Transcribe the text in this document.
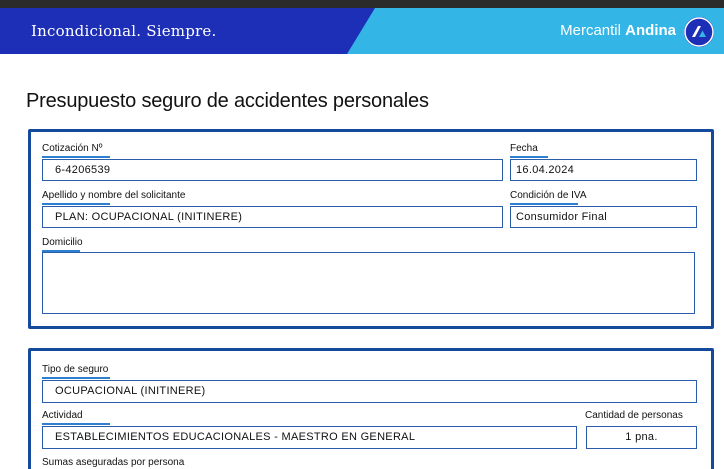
Incondicional. Siempre.	Mercantil Andina
Presupuesto seguro de accidentes personales
Cotización Nº
6-4206539
Fecha
16.04.2024
Apellido y nombre del solicitante
PLAN: OCUPACIONAL (INITINERE)
Condición de IVA
Consumidor Final
Domicilio
Tipo de seguro
OCUPACIONAL (INITINERE)
Actividad
ESTABLECIMIENTOS EDUCACIONALES - MAESTRO EN GENERAL
Cantidad de personas
1 pna.
Sumas aseguradas por persona
